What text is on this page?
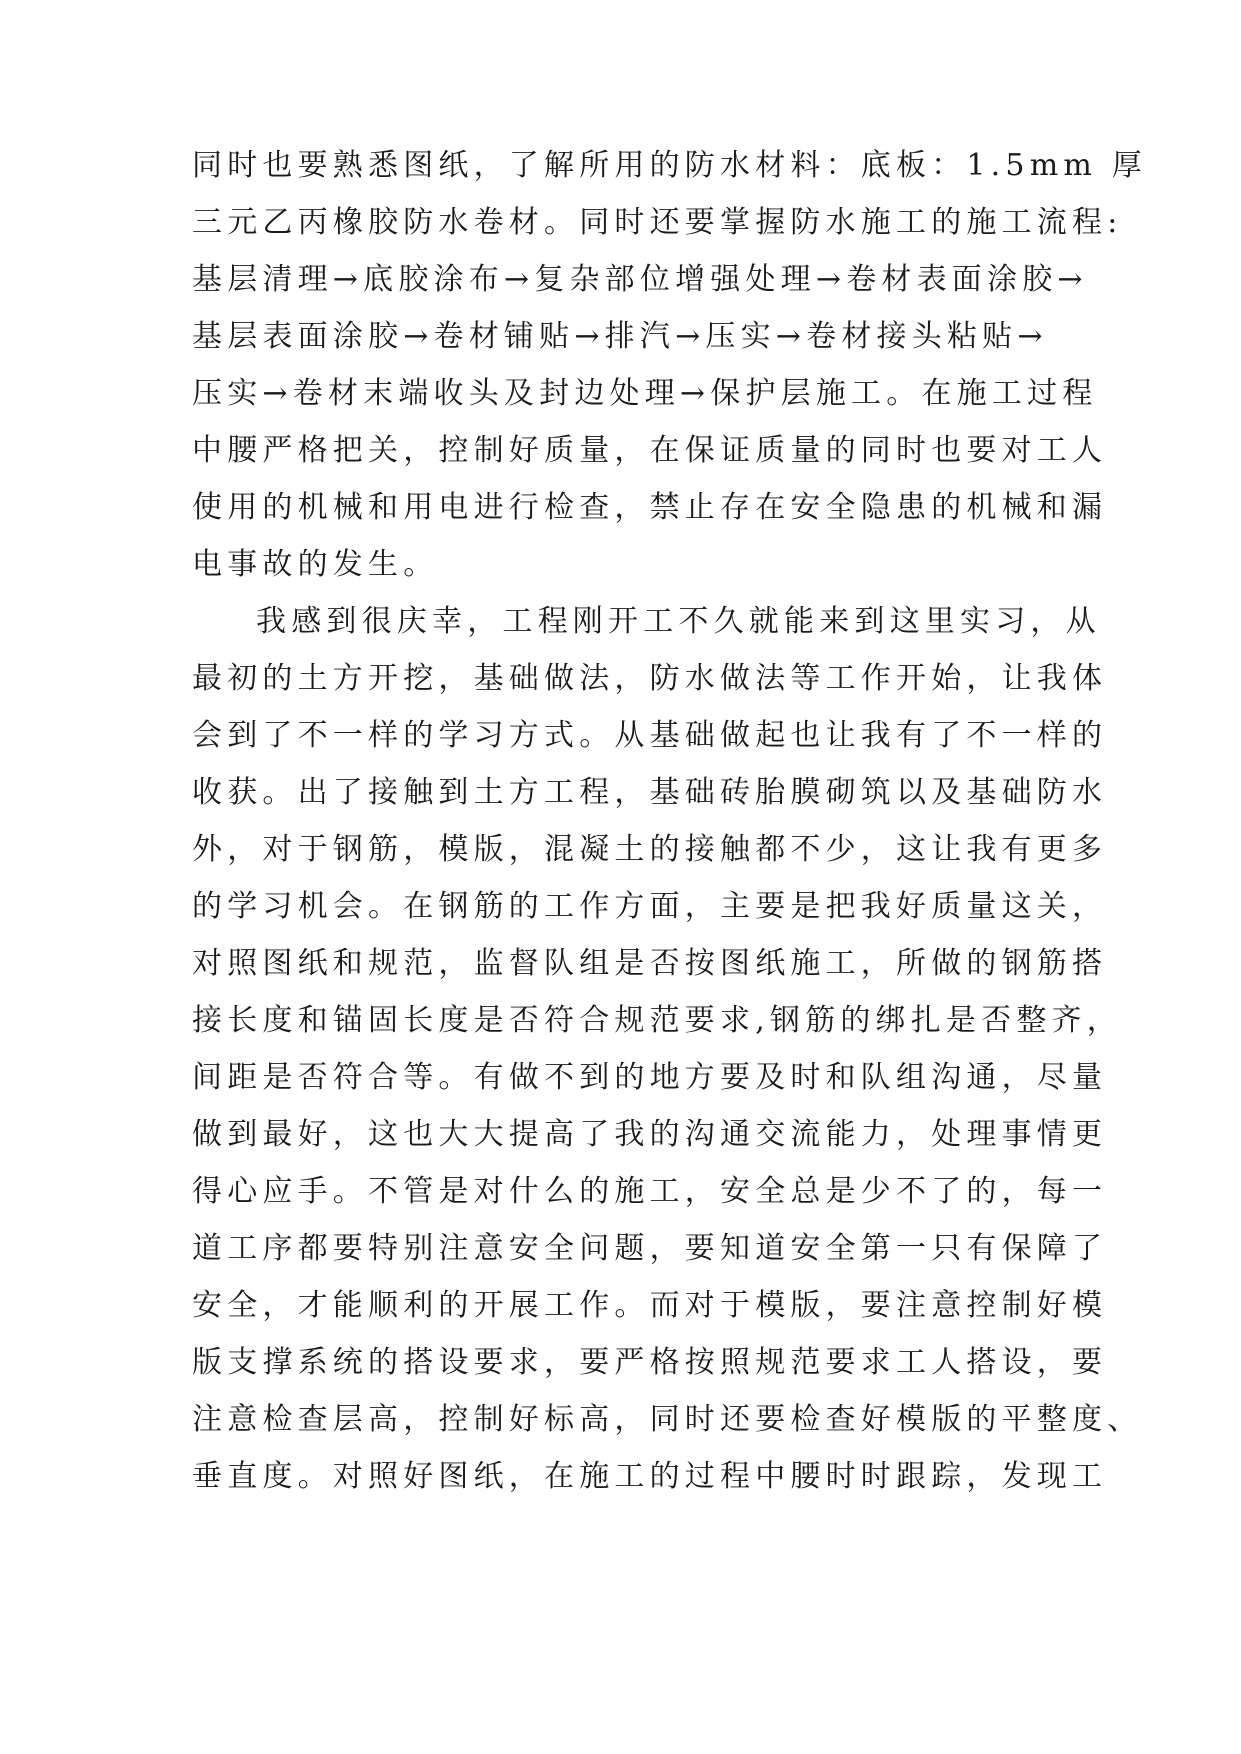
同时也要熟悉图纸，了解所用的防水材料：底板：1.5mm 厚
三元乙丙橡胶防水卷材。同时还要掌握防水施工的施工流程:
基层清理→底胶涂布→复杂部位增强处理→卷材表面涂胶→
基层表面涂胶→卷材铺贴→排汽→压实→卷材接头粘贴→
压实→卷材末端收头及封边处理→保护层施工。在施工过程
中腰严格把关，控制好质量，在保证质量的同时也要对工人
使用的机械和用电进行检查，禁止存在安全隐患的机械和漏
电事故的发生。
我感到很庆幸，工程刚开工不久就能来到这里实习，从
最初的土方开挖，基础做法，防水做法等工作开始，让我体
会到了不一样的学习方式。从基础做起也让我有了不一样的
收获。出了接触到土方工程，基础砖胎膜砌筑以及基础防水
外，对于钢筋，模版，混凝土的接触都不少，这让我有更多
的学习机会。在钢筋的工作方面，主要是把我好质量这关，
对照图纸和规范，监督队组是否按图纸施工，所做的钢筋搭
接长度和锚固长度是否符合规范要求,钢筋的绑扎是否整齐，
间距是否符合等。有做不到的地方要及时和队组沟通，尽量
做到最好，这也大大提高了我的沟通交流能力，处理事情更
得心应手。不管是对什么的施工，安全总是少不了的，每一
道工序都要特别注意安全问题，要知道安全第一只有保障了
安全，才能顺利的开展工作。而对于模版，要注意控制好模
版支撑系统的搭设要求，要严格按照规范要求工人搭设，要
注意检查层高，控制好标高，同时还要检查好模版的平整度、
垂直度。对照好图纸，在施工的过程中腰时时跟踪，发现工
